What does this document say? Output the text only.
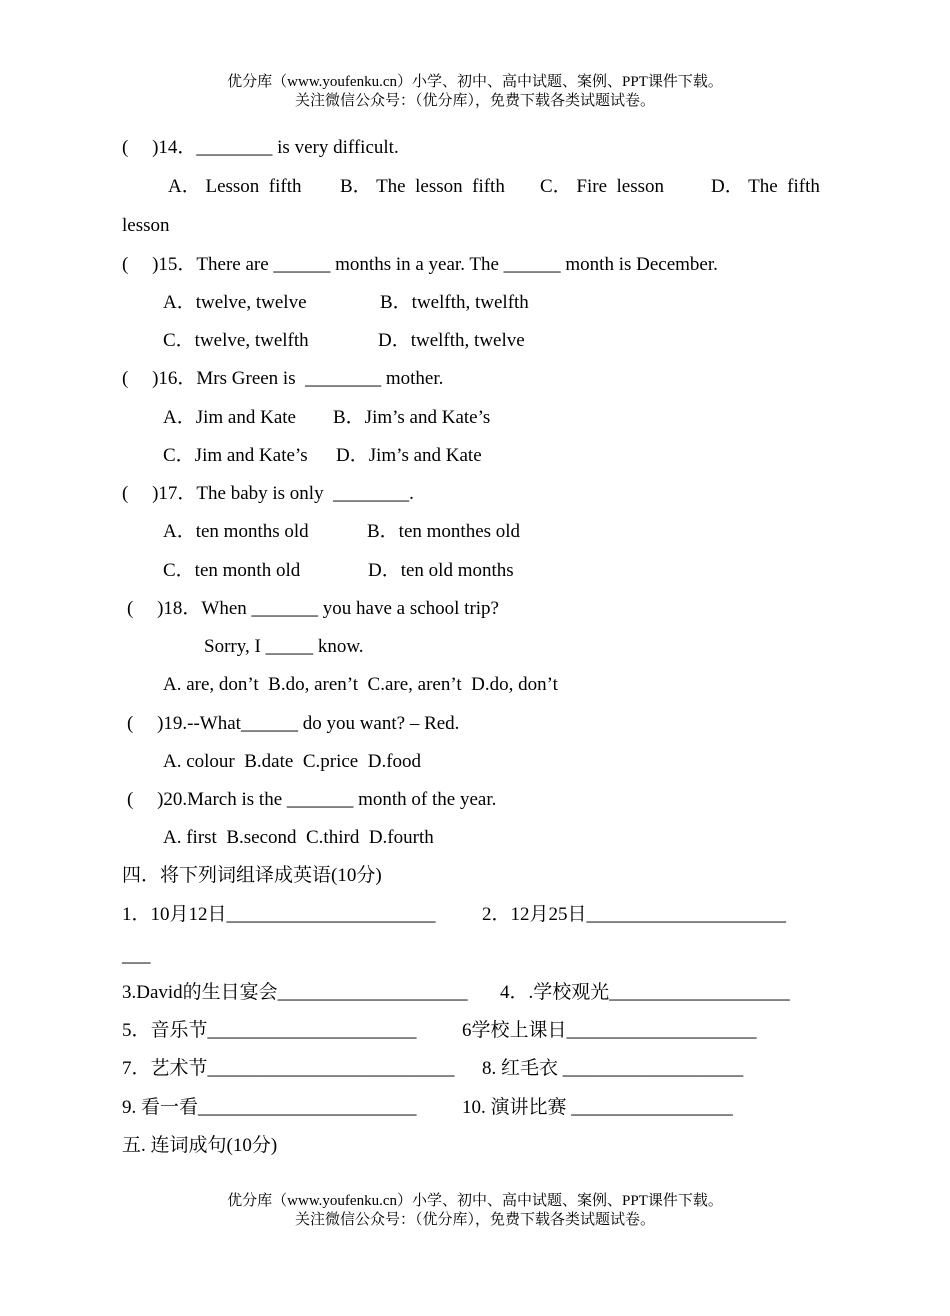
优分库（www.youfenku.cn）小学、初中、高中试题、案例、PPT课件下载。
关注微信公众号：（优分库），免费下载各类试题试卷。
(     )14．________ is very difficult.
A． Lesson  fifth B． The  lesson  fifth C． Fire  lesson D． The  fifth
lesson
(     )15．There are ______ months in a year. The ______ month is December.
A．twelve, twelve	B．twelfth, twelfth
C．twelve, twelfth	D．twelfth, twelve
(     )16．Mrs Green is  ________ mother.
A．Jim and Kate B．Jim’s and Kate’s
C．Jim and Kate’s D．Jim’s and Kate
(     )17．The baby is only  ________.
A．ten months old	B．ten monthes old
C．ten month old	D．ten old months
(     )18．When _______ you have a school trip?
Sorry, I _____ know.
A. are, don’t  B.do, aren’t  C.are, aren’t  D.do, don’t
(     )19.--What______ do you want? – Red.
A. colour  B.date  C.price  D.food
(     )20.March is the _______ month of the year.
A. first  B.second  C.third  D.fourth
四．将下列词组译成英语(10分)
1．10月12日______________________ 2．12月25日_____________________
___
3.David的生日宴会____________________ 4．.学校观光___________________
5．音乐节______________________ 6学校上课日____________________
7．艺术节__________________________ 8. 红毛衣 ___________________
9. 看一看_______________________ 10. 演讲比赛 _________________
五. 连词成句(10分)
优分库（www.youfenku.cn）小学、初中、高中试题、案例、PPT课件下载。
关注微信公众号：（优分库），免费下载各类试题试卷。
